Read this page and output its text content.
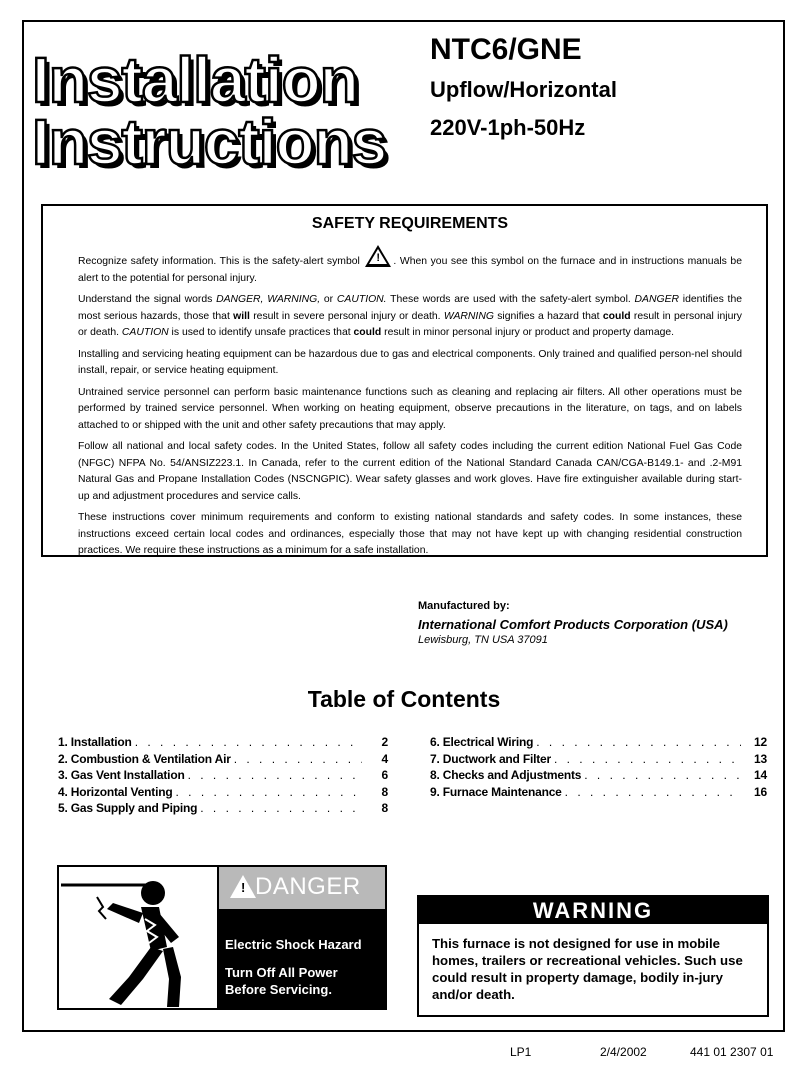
Installation
Instructions
NTC6/GNE
Upflow/Horizontal
220V-1ph-50Hz
SAFETY REQUIREMENTS

Recognize safety information. This is the safety-alert symbol ! . When you see this symbol on the furnace and in instructions manuals be alert to the potential for personal injury.

Understand the signal words DANGER, WARNING, or CAUTION. These words are used with the safety-alert symbol. DANGER identifies the most serious hazards, those that will result in severe personal injury or death. WARNING signifies a hazard that could result in personal injury or death. CAUTION is used to identify unsafe practices that could result in minor personal injury or product and property damage.

Installing and servicing heating equipment can be hazardous due to gas and electrical components. Only trained and qualified person-nel should install, repair, or service heating equipment.

Untrained service personnel can perform basic maintenance functions such as cleaning and replacing air filters. All other operations must be performed by trained service personnel. When working on heating equipment, observe precautions in the literature, on tags, and on labels attached to or shipped with the unit and other safety precautions that may apply.

Follow all national and local safety codes. In the United States, follow all safety codes including the current edition National Fuel Gas Code (NFGC) NFPA No. 54/ANSIZ223.1. In Canada, refer to the current edition of the National Standard Canada CAN/CGA-B149.1- and .2-M91 Natural Gas and Propane Installation Codes (NSCNGPIC). Wear safety glasses and work gloves. Have fire extinguisher available during start-up and adjustment procedures and service calls.

These instructions cover minimum requirements and conform to existing national standards and safety codes. In some instances, these instructions exceed certain local codes and ordinances, especially those that may not have kept up with changing residential construction practices. We require these instructions as a minimum for a safe installation.

Manufactured by:
International Comfort Products Corporation (USA)
Lewisburg, TN USA 37091
Table of Contents
1. Installation . . .	2
2. Combustion & Ventilation Air . . .	4
3. Gas Vent Installation . . .	6
4. Horizontal Venting . . .	8
5. Gas Supply and Piping . . .	8
6. Electrical Wiring . . .	12
7. Ductwork and Filter . . .	13
8. Checks and Adjustments . . .	14
9. Furnace Maintenance . . .	16
! DANGER
Electric Shock Hazard
Turn Off All Power
Before Servicing.
WARNING
This furnace is not designed for use in mobile homes, trailers or recreational vehicles. Such use could result in property damage, bodily in-jury and/or death.
LP1	2/4/2002	441 01 2307 01
